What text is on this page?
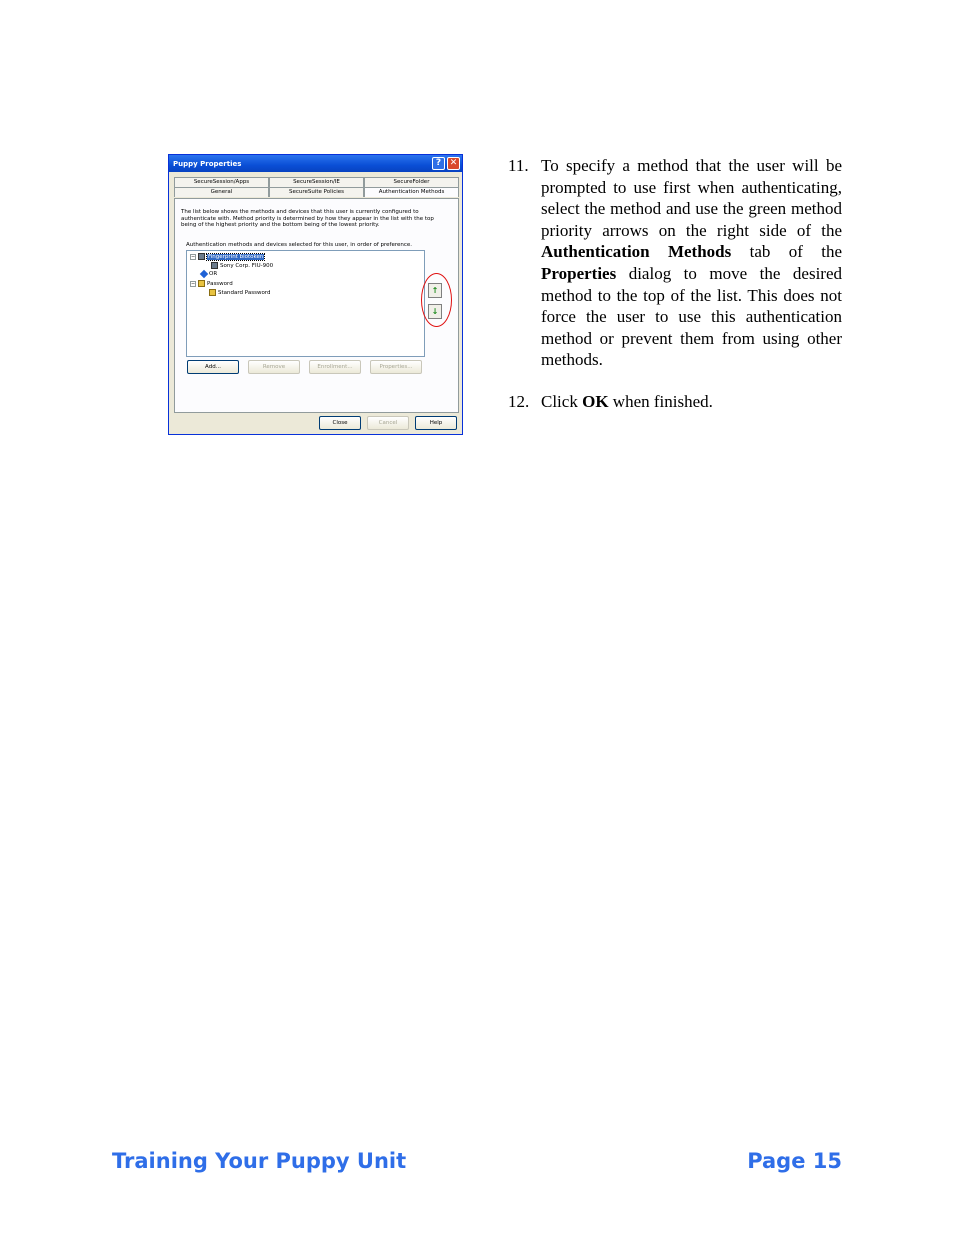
Puppy Properties	? ✕
SecureSession/Apps	SecureSession/IE	SecureFolder
General	SecureSuite Policies	Authentication Methods
The list below shows the methods and devices that this user is currently configured to authenticate with. Method priority is determined by how they appear in the list with the top being of the highest priority and the bottom being of the lowest priority.
Authentication methods and devices selected for this user, in order of preference.
− Fingerprint biotoken
Sony Corp. FIU-900
OR
− Password
Standard Password	↑
↓
Add...	Remove	Enrollment...	Properties...
Close	Cancel	Help
11. To specify a method that the user will be prompted to use first when authenticating, select the method and use the green method priority arrows on the right side of the Authentication Methods tab of the Properties dialog to move the desired method to the top of the list. This does not force the user to use this authentication method or prevent them from using other methods.
12. Click OK when finished.
Training Your Puppy Unit	Page 15
